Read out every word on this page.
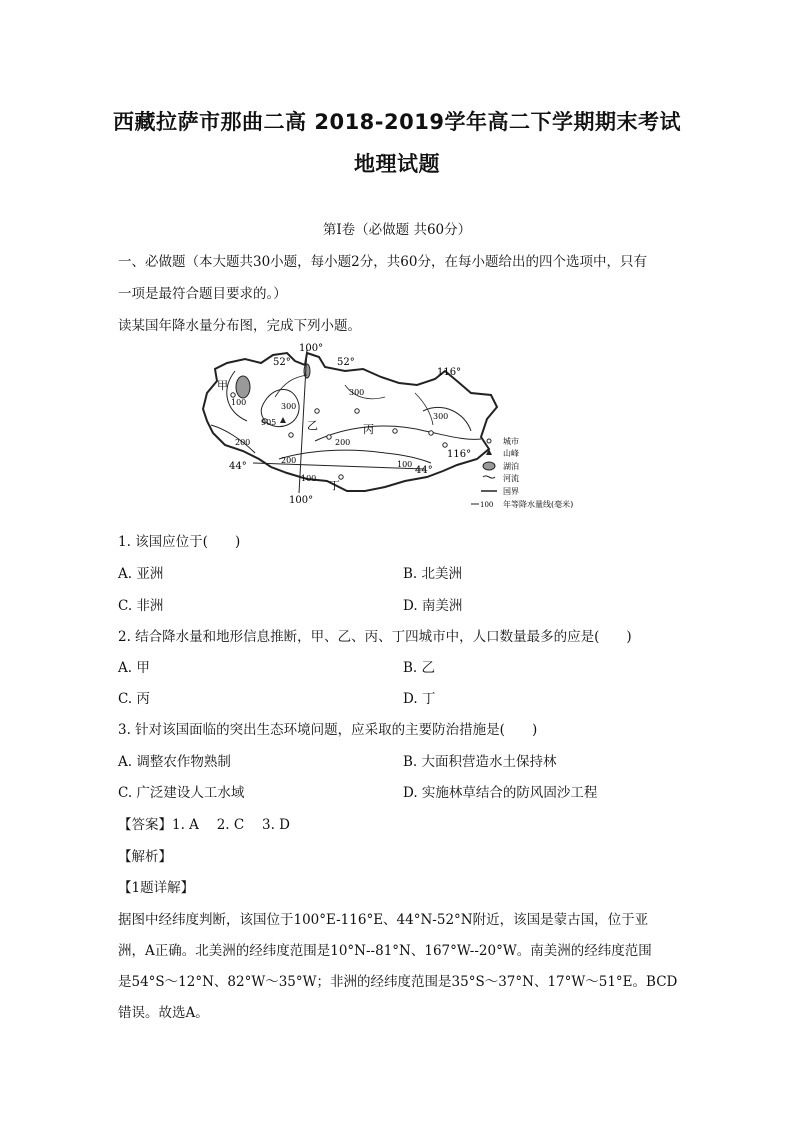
西藏拉萨市那曲二高 2018-2019学年高二下学期期末考试
地理试题
第Ⅰ卷（必做题 共60分）
一、必做题（本大题共30小题，每小题2分，共60分，在每小题给出的四个选项中，只有
一项是最符合题目要求的。）
读某国年降水量分布图，完成下列小题。
100°
52°	52°
116°
116°
44°	44°
100°
甲
乙	丙
丁
905
300
300
300
200
200
200
100
100
100
城市
山峰
湖泊
河流
国界
100 年等降水量线(毫米)
1. 该国应位于(　　)
A. 亚洲	B. 北美洲
C. 非洲	D. 南美洲
2. 结合降水量和地形信息推断，甲、乙、丙、丁四城市中，人口数量最多的应是(　　)
A. 甲	B. 乙
C. 丙	D. 丁
3. 针对该国面临的突出生态环境问题，应采取的主要防治措施是(　　)
A. 调整农作物熟制	B. 大面积营造水土保持林
C. 广泛建设人工水域	D. 实施林草结合的防风固沙工程
【答案】1. A　 2. C　 3. D
【解析】
【1题详解】
据图中经纬度判断，该国位于100°E-116°E、44°N-52°N附近，该国是蒙古国，位于亚
洲，A正确。北美洲的经纬度范围是10°N--81°N、167°W--20°W。南美洲的经纬度范围
是54°S～12°N、82°W～35°W；非洲的经纬度范围是35°S～37°N、17°W～51°E。BCD
错误。故选A。
